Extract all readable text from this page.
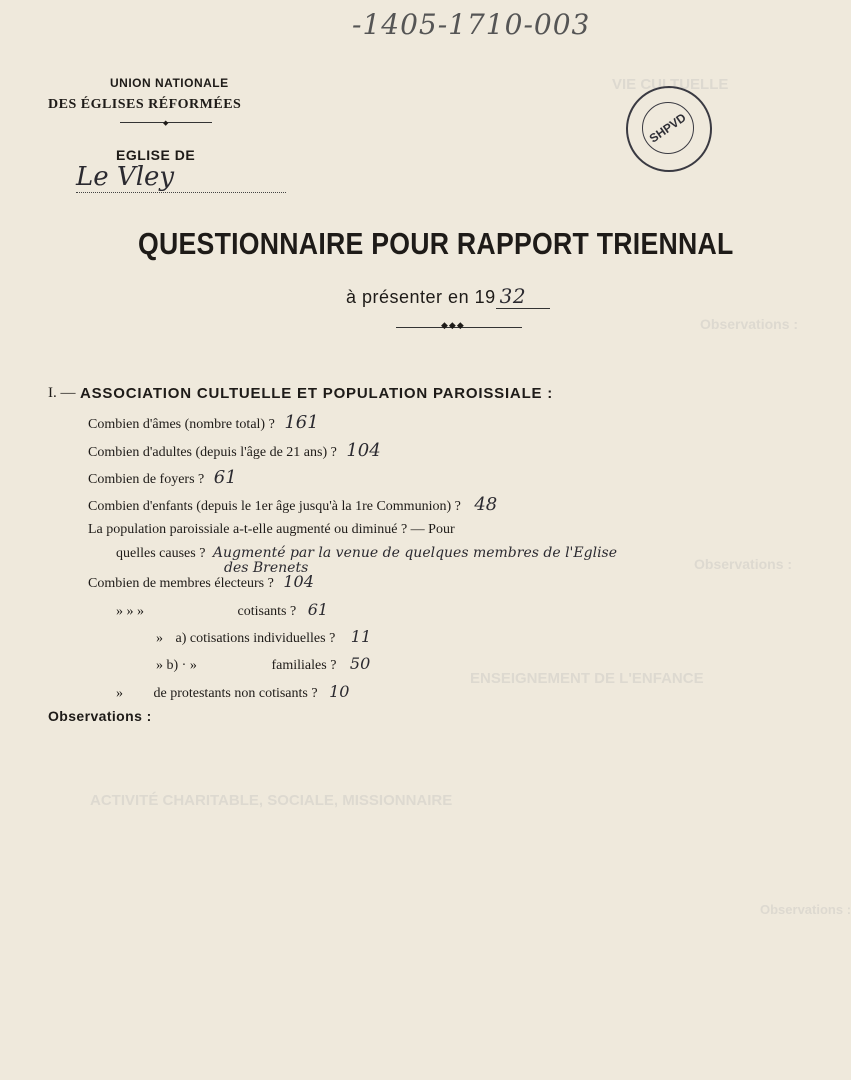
VIE CULTUELLE
Observations :
Observations :
ENSEIGNEMENT DE L'ENFANCE
ACTIVITÉ CHARITABLE, SOCIALE, MISSIONNAIRE
Observations :
-1405-1710-003
UNION NATIONALE
DES ÉGLISES RÉFORMÉES
◆
EGLISE DE
Le Vley
SHPVD
QUESTIONNAIRE POUR RAPPORT TRIENNAL
à présenter en 19 32
◆◆◆
I. — ASSOCIATION CULTUELLE ET POPULATION PAROISSIALE :
Combien d'âmes (nombre total) ? 161
Combien d'adultes (depuis l'âge de 21 ans) ? 104
Combien de foyers ? 61
Combien d'enfants (depuis le 1er âge jusqu'à la 1re Communion) ? 48
La population paroissiale a-t-elle augmenté ou diminué ? — Pour
quelles causes ? Augmenté par la venue de quelques membres de l'Eglise
des Brenets
Combien de membres électeurs ? 104
» » »	cotisants ? 61
» a) cotisations individuelles ? 11
» b) · »	familiales ? 50
» de protestants non cotisants ? 10
Observations :
